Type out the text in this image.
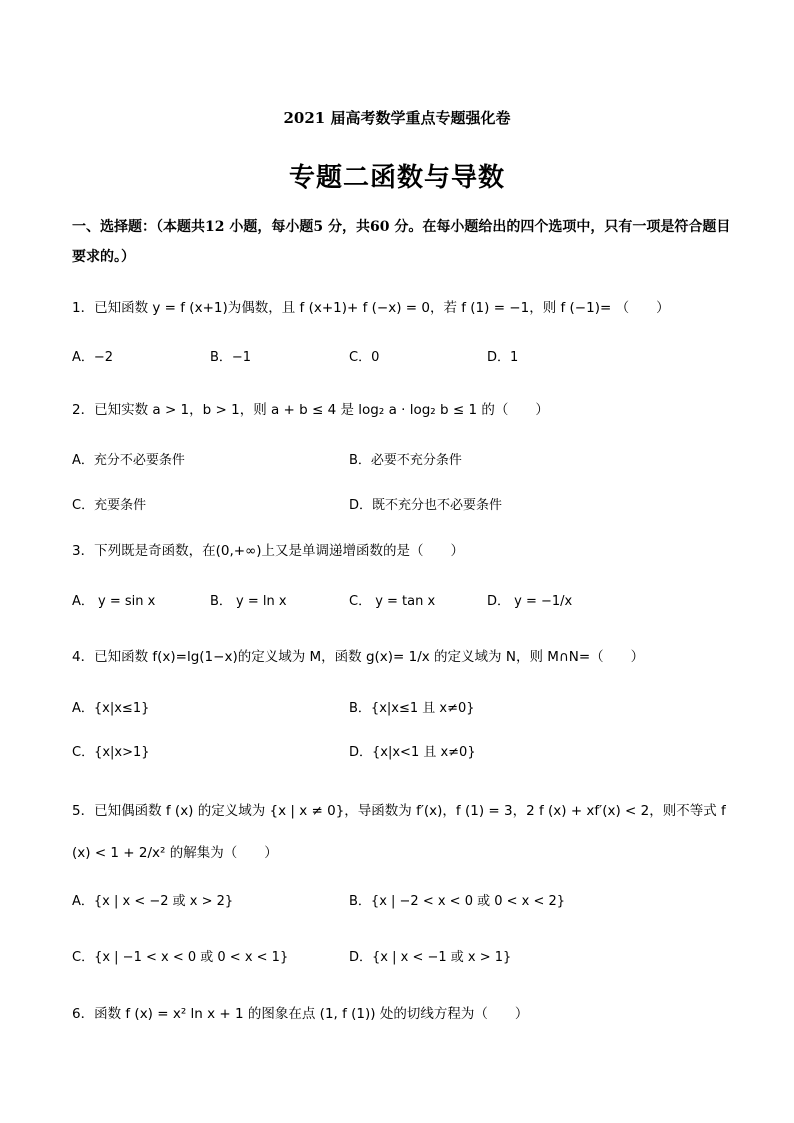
2021 届高考数学重点专题强化卷
专题二函数与导数
一、选择题：（本题共12 小题，每小题5 分，共60 分。在每小题给出的四个选项中，只有一项是符合题目要求的。）
1．已知函数 y = f (x+1)为偶数，且 f (x+1)+ f (−x) = 0，若 f (1) = −1，则 f (−1)= （　　）
A．−2	B．−1	C．0	D．1
2．已知实数 a > 1，b > 1，则 a + b ≤ 4 是 log₂ a · log₂ b ≤ 1 的（　　）
A．充分不必要条件	B．必要不充分条件
C．充要条件	D．既不充分也不必要条件
3．下列既是奇函数，在(0,+∞)上又是单调递增函数的是（　　）
A． y = sin x	B． y = ln x	C． y = tan x	D． y = −1/x
4．已知函数 f(x)=lg(1−x)的定义域为 M，函数 g(x)= 1/x 的定义域为 N，则 M∩N=（　　）
A．{x|x≤1}	B．{x|x≤1 且 x≠0}
C．{x|x>1}	D．{x|x<1 且 x≠0}
5．已知偶函数 f (x) 的定义域为 {x | x ≠ 0}，导函数为 f′(x)，f (1) = 3，2 f (x) + xf′(x) < 2，则不等式 f (x) < 1 + 2/x² 的解集为（　　）
A．{x | x < −2 或 x > 2}	B．{x | −2 < x < 0 或 0 < x < 2}
C．{x | −1 < x < 0 或 0 < x < 1}	D．{x | x < −1 或 x > 1}
6．函数 f (x) = x² ln x + 1 的图象在点 (1, f (1)) 处的切线方程为（　　）
